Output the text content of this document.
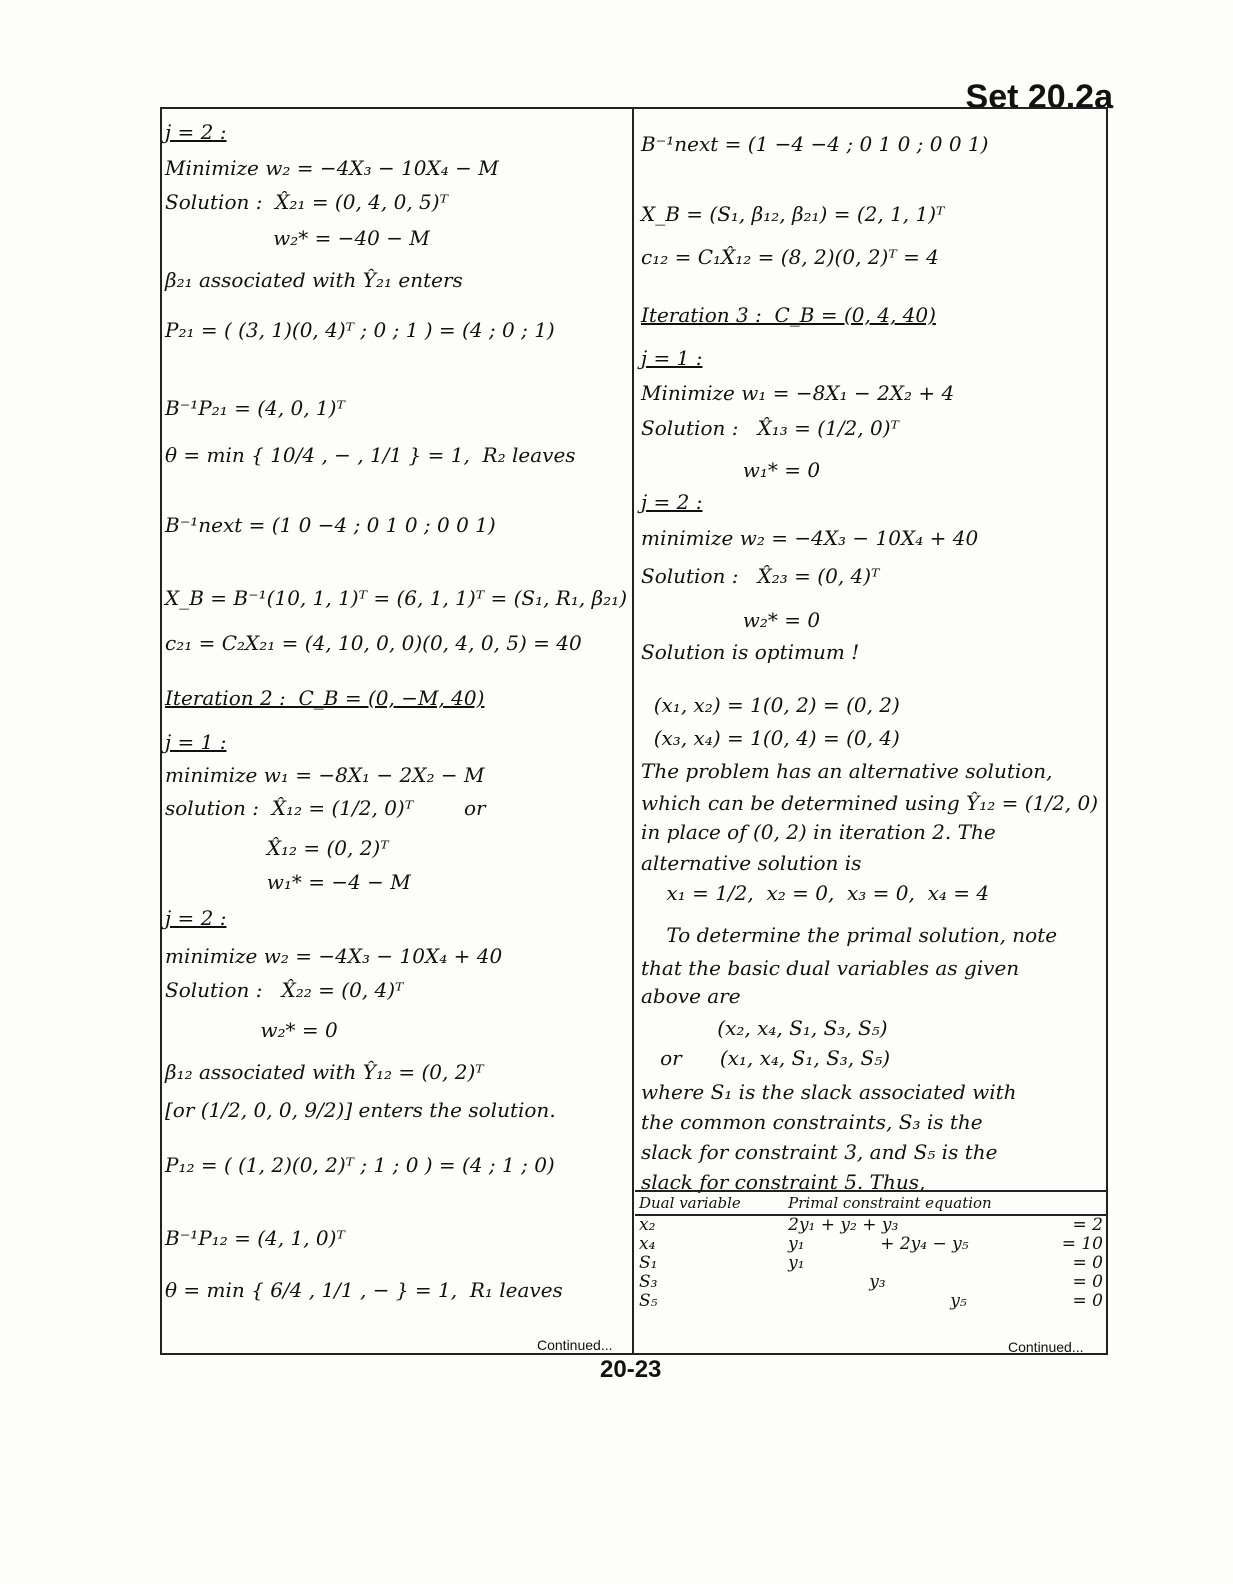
Set 20.2a
j = 2 :
Minimize w₂ = −4X₃ − 10X₄ − M
Solution :  X̂₂₁ = (0, 4, 0, 5)ᵀ
w₂* = −40 − M
β₂₁ associated with Ŷ₂₁ enters
P₂₁ = ( (3, 1)(0, 4)ᵀ ; 0 ; 1 ) = (4 ; 0 ; 1)
B⁻¹P₂₁ = (4, 0, 1)ᵀ
θ = min { 10/4 , − , 1/1 } = 1,  R₂ leaves
B⁻¹next = (1 0 −4 ; 0 1 0 ; 0 0 1)
X_B = B⁻¹(10, 1, 1)ᵀ = (6, 1, 1)ᵀ = (S₁, R₁, β₂₁)
c₂₁ = C₂X₂₁ = (4, 10, 0, 0)(0, 4, 0, 5) = 40
Iteration 2 :  C_B = (0, −M, 40)
j = 1 :
minimize w₁ = −8X₁ − 2X₂ − M
solution :  X̂₁₂ = (1/2, 0)ᵀ        or
X̂₁₂ = (0, 2)ᵀ
w₁* = −4 − M
j = 2 :
minimize w₂ = −4X₃ − 10X₄ + 40
Solution :   X̂₂₂ = (0, 4)ᵀ
w₂* = 0
β₁₂ associated with Ŷ₁₂ = (0, 2)ᵀ
[or (1/2, 0, 0, 9/2)] enters the solution.
P₁₂ = ( (1, 2)(0, 2)ᵀ ; 1 ; 0 ) = (4 ; 1 ; 0)
B⁻¹P₁₂ = (4, 1, 0)ᵀ
θ = min { 6/4 , 1/1 , − } = 1,  R₁ leaves
B⁻¹next = (1 −4 −4 ; 0 1 0 ; 0 0 1)
X_B = (S₁, β₁₂, β₂₁) = (2, 1, 1)ᵀ
c₁₂ = C₁X̂₁₂ = (8, 2)(0, 2)ᵀ = 4
Iteration 3 :  C_B = (0, 4, 40)
j = 1 :
Minimize w₁ = −8X₁ − 2X₂ + 4
Solution :   X̂₁₃ = (1/2, 0)ᵀ
w₁* = 0
j = 2 :
minimize w₂ = −4X₃ − 10X₄ + 40
Solution :   X̂₂₃ = (0, 4)ᵀ
w₂* = 0
Solution is optimum !
(x₁, x₂) = 1(0, 2) = (0, 2)
(x₃, x₄) = 1(0, 4) = (0, 4)
The problem has an alternative solution,
which can be determined using Ŷ₁₂ = (1/2, 0)
in place of (0, 2) in iteration 2. The
alternative solution is
x₁ = 1/2,  x₂ = 0,  x₃ = 0,  x₄ = 4
To determine the primal solution, note
that the basic dual variables as given
above are
(x₂, x₄, S₁, S₃, S₅)
or      (x₁, x₄, S₁, S₃, S₅)
where S₁ is the slack associated with
the common constraints, S₃ is the
slack for constraint 3, and S₅ is the
slack for constraint 5. Thus,
Dual variable	Primal constraint equation	
x₂	2y₁ + y₂ + y₃	= 2
x₄	y₁              + 2y₄ − y₅	= 10
S₁	y₁	= 0
S₃	y₃	= 0
S₅	y₅	= 0
Continued...	Continued...
20-23
